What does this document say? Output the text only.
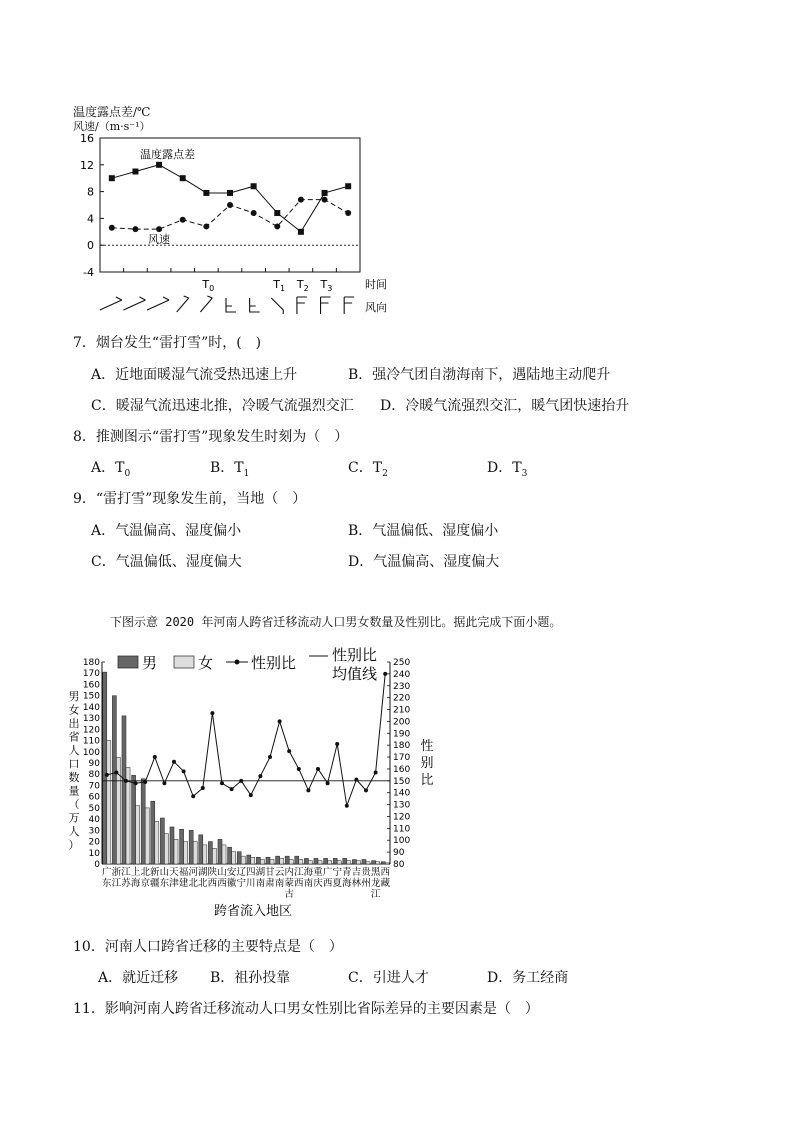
温度露点差/℃
风速/（m·s⁻¹）
16
12
8
4
0
-4
$T_0$	$T_1$ $T_2$ $T_3$
温度露点差
风速
时间
风向
7．烟台发生“雷打雪”时，(　)
A．近地面暖湿气流受热迅速上升	B．强冷气团自渤海南下，遇陆地主动爬升
C．暖湿气流迅速北推，冷暖气流强烈交汇 D．冷暖气流强烈交汇，暖气团快速抬升
8．推测图示“雷打雪”现象发生时刻为（　）
A．$T_0$	B．$T_1$	C．$T_2$	D．$T_3$
9．“雷打雪”现象发生前，当地（　）
A．气温偏高、湿度偏小	B．气温偏低、湿度偏小
C．气温偏低、湿度偏大	D．气温偏高、湿度偏大
下图示意 2020 年河南人跨省迁移流动人口男女数量及性别比。据此完成下面小题。
180
170
160
150
140
130
120
110
100
90
80
70
60
50
40
30
20
10
0
250
240
230
220
210
200
190
180
170
160
150
140
130
120
110
100
90
80
男
女
出
省
人
口
数
量
（
万
人
）
性
别
比
广
东
浙
江
江
苏
上
海
北
京
新
疆
山
东
天
津
福
建
河
北
湖
北
陕
西
山
西
安
徽
辽
宁
四
川
湖
南
甘
肃
云
南
内
蒙
古
江
西
海
南
重
庆
广
西
宁
夏
青
海
吉
林
贵
州
黑
龙
江
西
藏
男	女	性别比 性别比
均值线
跨省流入地区
10．河南人口跨省迁移的主要特点是（　）
A．就近迁移 B．祖孙投靠	C．引进人才	D．务工经商
11．影响河南人跨省迁移流动人口男女性别比省际差异的主要因素是（　）
